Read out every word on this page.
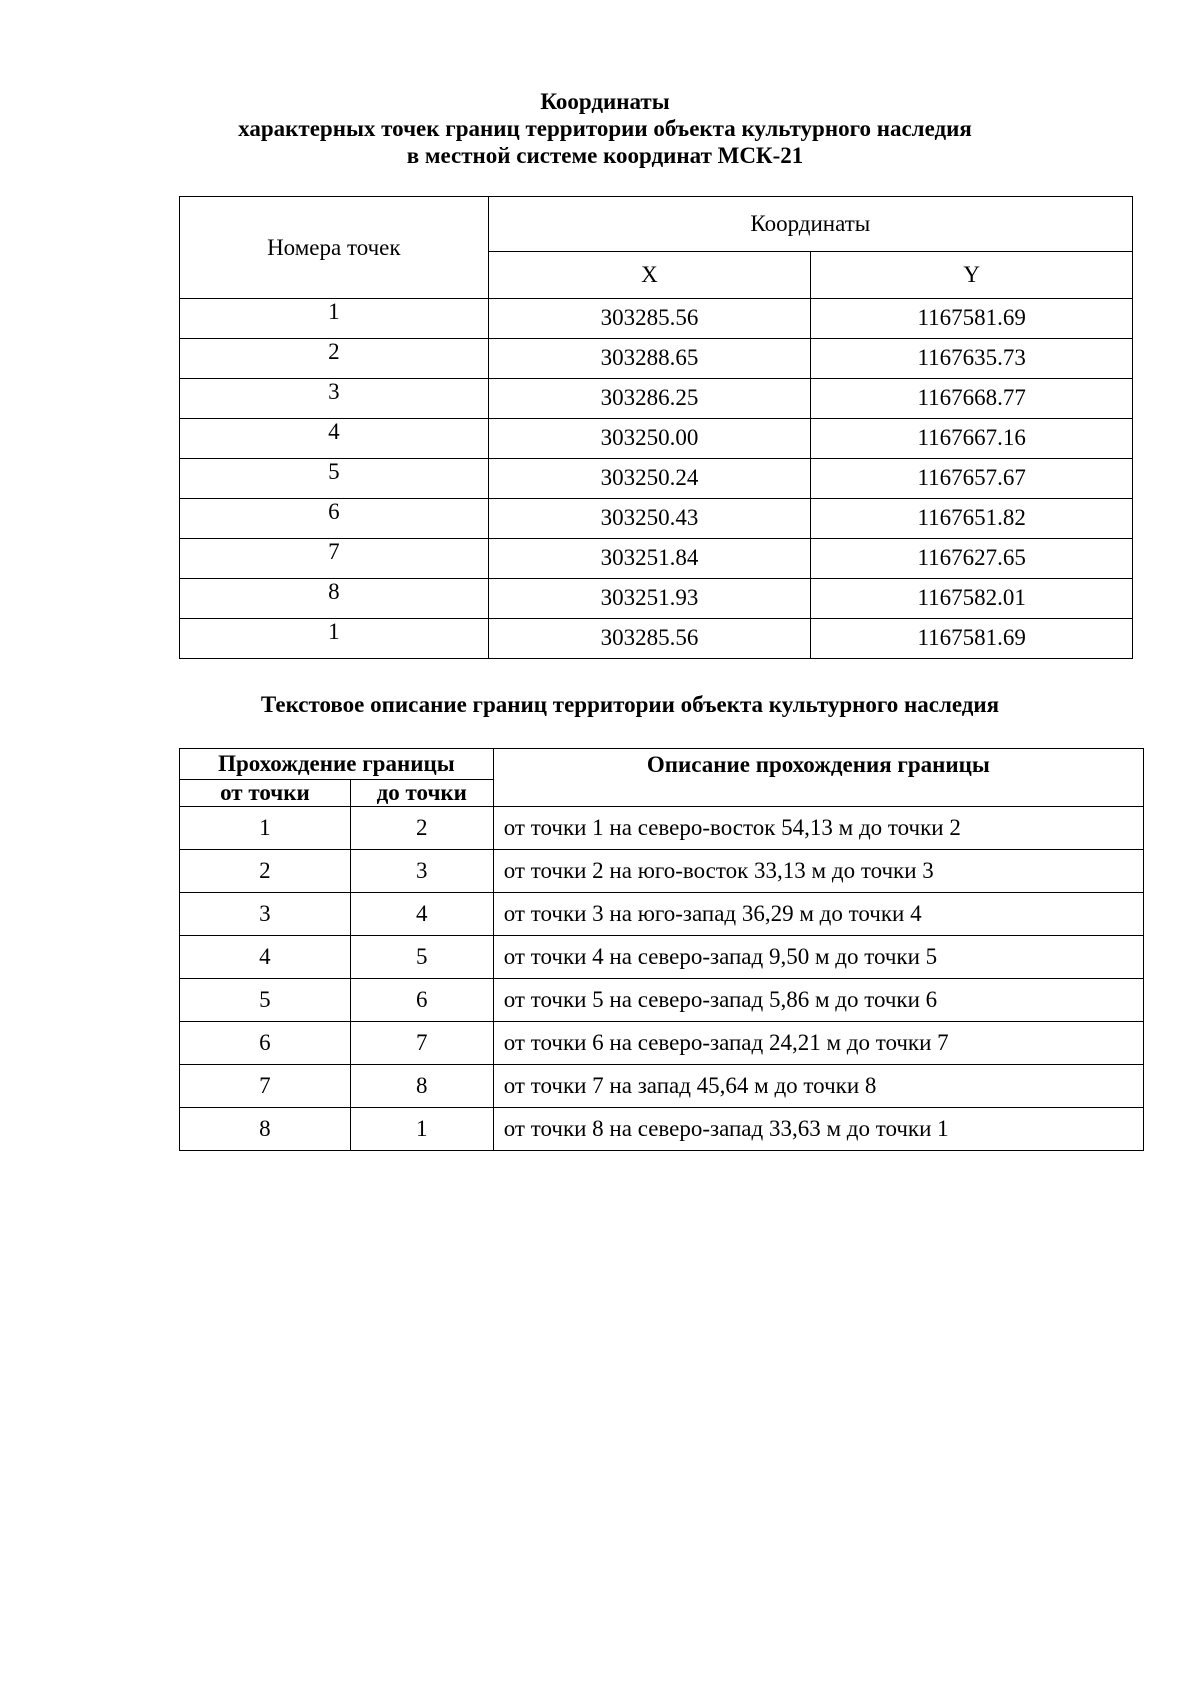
Координаты
характерных точек границ территории объекта культурного наследия
в местной системе координат МСК-21
Номера точек	Координаты	
	X	Y
1	303285.56	1167581.69
2	303288.65	1167635.73
3	303286.25	1167668.77
4	303250.00	1167667.16
5	303250.24	1167657.67
6	303250.43	1167651.82
7	303251.84	1167627.65
8	303251.93	1167582.01
1	303285.56	1167581.69
Текстовое описание границ территории объекта культурного наследия
Прохождение границы		Описание прохождения границы
от точки	до точки	
1	2	от точки 1 на северо-восток 54,13 м до точки 2
2	3	от точки 2 на юго-восток 33,13 м до точки 3
3	4	от точки 3 на юго-запад 36,29 м до точки 4
4	5	от точки 4 на северо-запад 9,50 м до точки 5
5	6	от точки 5 на северо-запад 5,86 м до точки 6
6	7	от точки 6 на северо-запад 24,21 м до точки 7
7	8	от точки 7 на запад 45,64 м до точки 8
8	1	от точки 8 на северо-запад 33,63 м до точки 1
